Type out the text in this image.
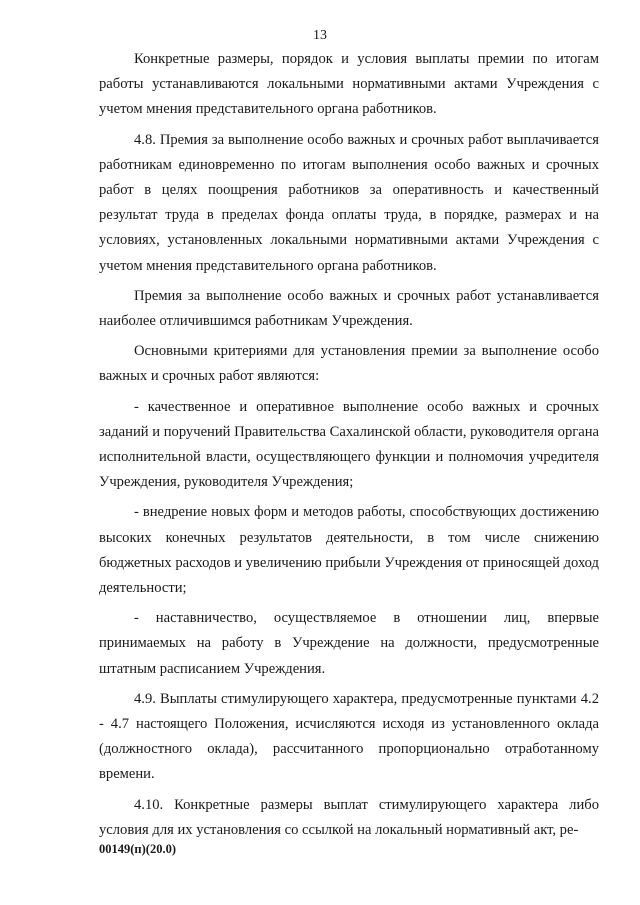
13

Конкретные размеры, порядок и условия выплаты премии по итогам работы устанавливаются локальными нормативными актами Учреждения с учетом мнения представительного органа работников.

4.8. Премия за выполнение особо важных и срочных работ выплачивается работникам единовременно по итогам выполнения особо важных и срочных работ в целях поощрения работников за оперативность и качественный результат труда в пределах фонда оплаты труда, в порядке, размерах и на условиях, установленных локальными нормативными актами Учреждения с учетом мнения представительного органа работников.

Премия за выполнение особо важных и срочных работ устанавливается наиболее отличившимся работникам Учреждения.

Основными критериями для установления премии за выполнение особо важных и срочных работ являются:

- качественное и оперативное выполнение особо важных и срочных заданий и поручений Правительства Сахалинской области, руководителя органа исполнительной власти, осуществляющего функции и полномочия учредителя Учреждения, руководителя Учреждения;

- внедрение новых форм и методов работы, способствующих достижению высоких конечных результатов деятельности, в том числе снижению бюджетных расходов и увеличению прибыли Учреждения от приносящей доход деятельности;

- наставничество, осуществляемое в отношении лиц, впервые принимаемых на работу в Учреждение на должности, предусмотренные штатным расписанием Учреждения.

4.9. Выплаты стимулирующего характера, предусмотренные пунктами 4.2 - 4.7 настоящего Положения, исчисляются исходя из установленного оклада (должностного оклада), рассчитанного пропорционально отработанному времени.

4.10. Конкретные размеры выплат стимулирующего характера либо условия для их установления со ссылкой на локальный нормативный акт, ре-

00149(п)(20.0)
